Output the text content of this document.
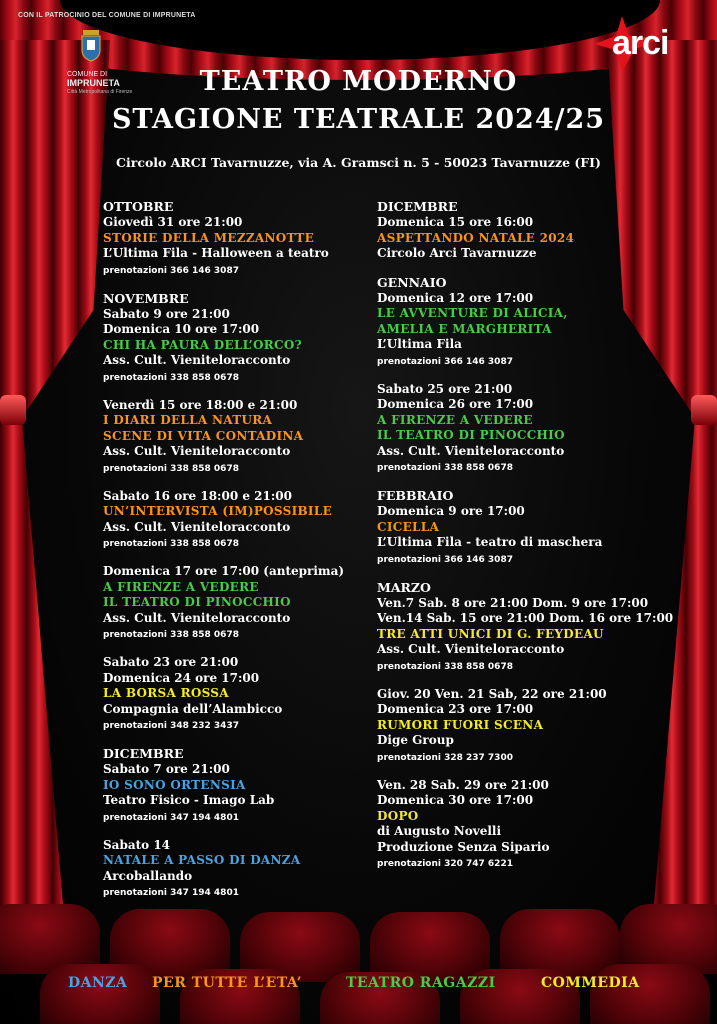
CON IL PATROCINIO DEL COMUNE DI IMPRUNETA
COMUNE DI
IMPRUNETA
Città Metropolitana di Firenze
arci
TEATRO MODERNO
STAGIONE TEATRALE 2024/25
Circolo ARCI Tavarnuzze, via A. Gramsci n. 5 - 50023 Tavarnuzze (FI)
OTTOBRE
Giovedì 31 ore 21:00
STORIE DELLA MEZZANOTTE
L’Ultima Fila - Halloween a teatro
prenotazioni 366 146 3087
NOVEMBRE
Sabato 9 ore 21:00
Domenica 10 ore 17:00
CHI HA PAURA DELL’ORCO?
Ass. Cult. Vieniteloracconto
prenotazioni 338 858 0678
Venerdì 15 ore 18:00 e 21:00
I DIARI DELLA NATURA
SCENE DI VITA CONTADINA
Ass. Cult. Vieniteloracconto
prenotazioni 338 858 0678
Sabato 16 ore 18:00 e 21:00
UN’INTERVISTA (IM)POSSIBILE
Ass. Cult. Vieniteloracconto
prenotazioni 338 858 0678
Domenica 17 ore 17:00 (anteprima)
A FIRENZE A VEDERE
IL TEATRO DI PINOCCHIO
Ass. Cult. Vieniteloracconto
prenotazioni 338 858 0678
Sabato 23 ore 21:00
Domenica 24 ore 17:00
LA BORSA ROSSA
Compagnia dell’Alambicco
prenotazioni 348 232 3437
DICEMBRE
Sabato 7 ore 21:00
IO SONO ORTENSIA
Teatro Fisico - Imago Lab
prenotazioni 347 194 4801
Sabato 14
NATALE A PASSO DI DANZA
Arcoballando
prenotazioni 347 194 4801
DICEMBRE
Domenica 15 ore 16:00
ASPETTANDO NATALE 2024
Circolo Arci Tavarnuzze
GENNAIO
Domenica 12 ore 17:00
LE AVVENTURE DI ALICIA,
AMELIA E MARGHERITA
L’Ultima Fila
prenotazioni 366 146 3087
Sabato 25 ore 21:00
Domenica 26 ore 17:00
A FIRENZE A VEDERE
IL TEATRO DI PINOCCHIO
Ass. Cult. Vieniteloracconto
prenotazioni 338 858 0678
FEBBRAIO
Domenica 9 ore 17:00
CICELLA
L’Ultima Fila - teatro di maschera
prenotazioni 366 146 3087
MARZO
Ven.7 Sab. 8 ore 21:00 Dom. 9 ore 17:00
Ven.14 Sab. 15 ore 21:00 Dom. 16 ore 17:00
TRE ATTI UNICI DI G. FEYDEAU
Ass. Cult. Vieniteloracconto
prenotazioni 338 858 0678
Giov. 20 Ven. 21 Sab, 22 ore 21:00
Domenica 23 ore 17:00
RUMORI FUORI SCENA
Dige Group
prenotazioni 328 237 7300
Ven. 28 Sab. 29 ore 21:00
Domenica 30 ore 17:00
DOPO
di Augusto Novelli
Produzione Senza Sipario
prenotazioni 320 747 6221
DANZA PER TUTTE L’ETA’	TEATRO RAGAZZI	COMMEDIA
